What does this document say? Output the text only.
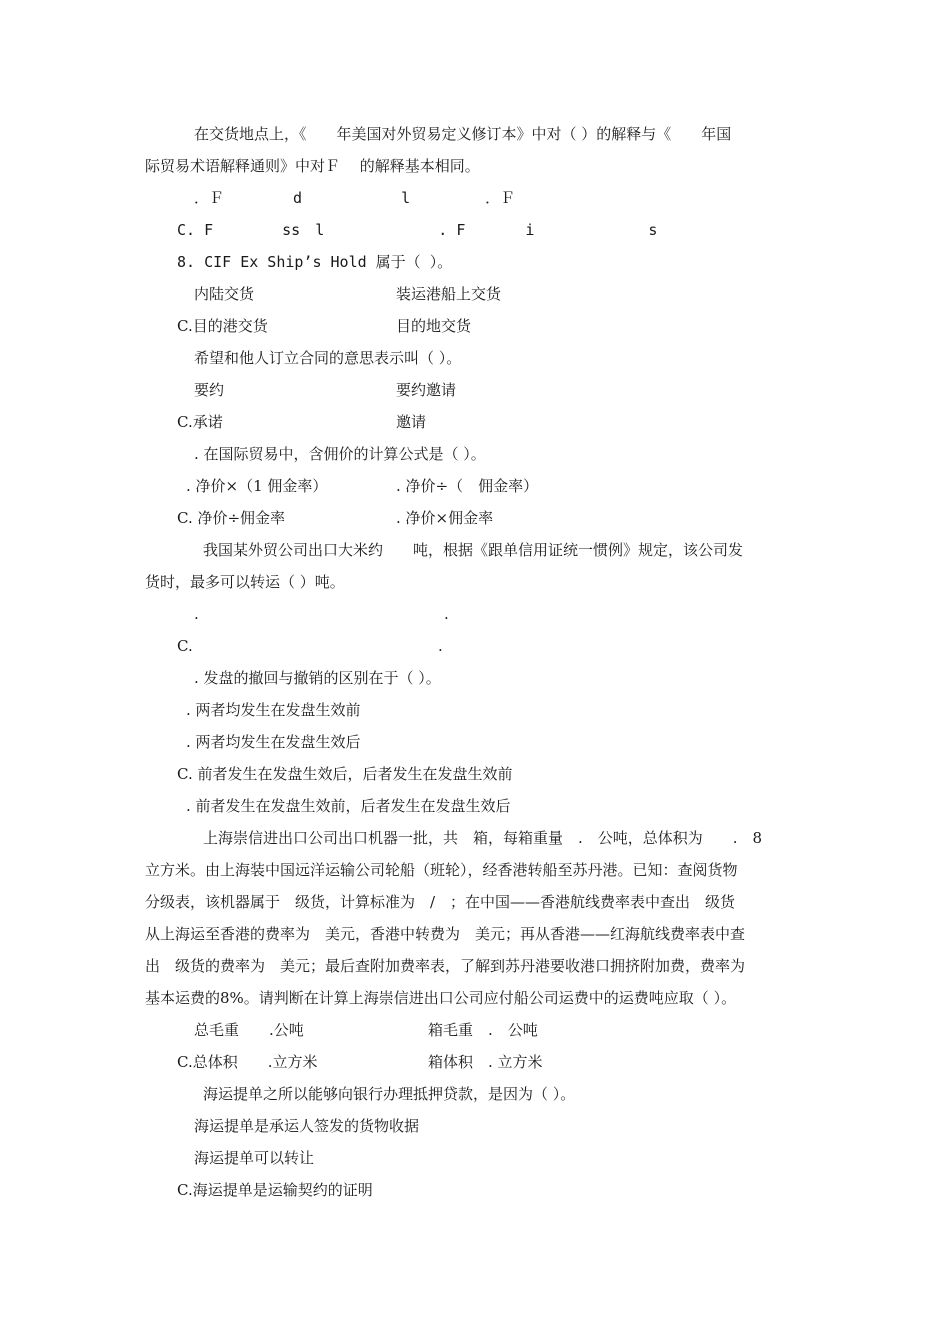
在交货地点上，《　　年美国对外贸易定义修订本》中对（ ）的解释与《　　年国
际贸易术语解释通则》中对Ｆ　 的解释基本相同。
．Ｆ　　　　 d　　　　　　 l　　　　　．Ｆ
C. F　　　　 ss　l　　　　　　　 . F　　　　i　　　　　　　 s
8. CIF Ex Ship’s Hold 属于（ ）。
内陆交货	装运港船上交货
C.目的港交货	目的地交货
希望和他人订立合同的意思表示叫（ ）。
要约	要约邀请
C.承诺	邀请
. 在国际贸易中，含佣价的计算公式是（ ）。
. 净价×（1 佣金率）	. 净价÷（　佣金率）
C. 净价÷佣金率	. 净价×佣金率
我国某外贸公司出口大米约　　吨，根据《跟单信用证统一惯例》规定，该公司发
货时，最多可以转运（ ）吨。
.	.
C.	.
. 发盘的撤回与撤销的区别在于（ ）。
. 两者均发生在发盘生效前
. 两者均发生在发盘生效后
C. 前者发生在发盘生效后，后者发生在发盘生效前
. 前者发生在发盘生效前，后者发生在发盘生效后
上海崇信进出口公司出口机器一批，共　箱，每箱重量　.　公吨，总体积为　　.　8
立方米。由上海装中国远洋运输公司轮船（班轮），经香港转船至苏丹港。已知：查阅货物
分级表，该机器属于　级货，计算标准为　/　；在中国——香港航线费率表中查出　级货
从上海运至香港的费率为　美元，香港中转费为　美元；再从香港——红海航线费率表中查
出　级货的费率为　美元；最后查附加费率表，了解到苏丹港要收港口拥挤附加费，费率为
基本运费的8%。请判断在计算上海崇信进出口公司应付船公司运费中的运费吨应取（ ）。
总毛重　　.公吨	箱毛重　.　公吨
C.总体积　　.立方米	箱体积　. 立方米
海运提单之所以能够向银行办理抵押贷款，是因为（ ）。
海运提单是承运人签发的货物收据
海运提单可以转让
C.海运提单是运输契约的证明
